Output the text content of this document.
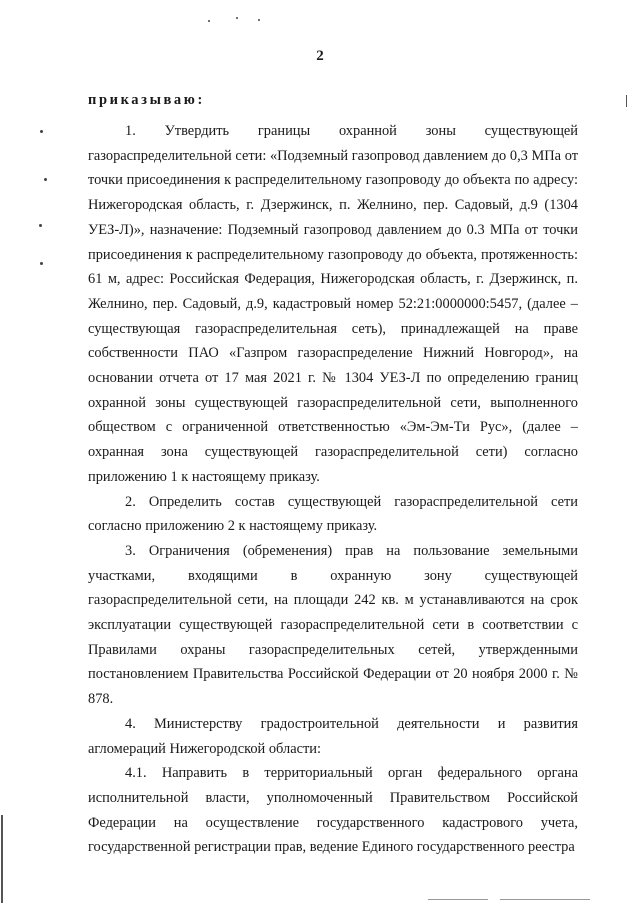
2
приказываю:

1. Утвердить границы охранной зоны существующей газораспределительной сети: «Подземный газопровод давлением до 0,3 МПа от точки присоединения к распределительному газопроводу до объекта по адресу: Нижегородская область, г. Дзержинск, п. Желнино, пер. Садовый, д.9 (1304 УЕЗ-Л)», назначение: Подземный газопровод давлением до 0.3 МПа от точки присоединения к распределительному газопроводу до объекта, протяженность: 61 м, адрес: Российская Федерация, Нижегородская область, г. Дзержинск, п. Желнино, пер. Садовый, д.9, кадастровый номер 52:21:0000000:5457, (далее – существующая газораспределительная сеть), принадлежащей на праве собственности ПАО «Газпром газораспределение Нижний Новгород», на основании отчета от 17 мая 2021 г. № 1304 УЕЗ-Л по определению границ охранной зоны существующей газораспределительной сети, выполненного обществом с ограниченной ответственностью «Эм-Эм-Ти Рус», (далее – охранная зона существующей газораспределительной сети) согласно приложению 1 к настоящему приказу.

2. Определить состав существующей газораспределительной сети согласно приложению 2 к настоящему приказу.

3. Ограничения (обременения) прав на пользование земельными участками, входящими в охранную зону существующей газораспределительной сети, на площади 242 кв. м устанавливаются на срок эксплуатации существующей газораспределительной сети в соответствии с Правилами охраны газораспределительных сетей, утвержденными постановлением Правительства Российской Федерации от 20 ноября 2000 г. № 878.

4. Министерству градостроительной деятельности и развития агломераций Нижегородской области:

4.1. Направить в территориальный орган федерального органа исполнительной власти, уполномоченный Правительством Российской Федерации на осуществление государственного кадастрового учета, государственной регистрации прав, ведение Единого государственного реестра
